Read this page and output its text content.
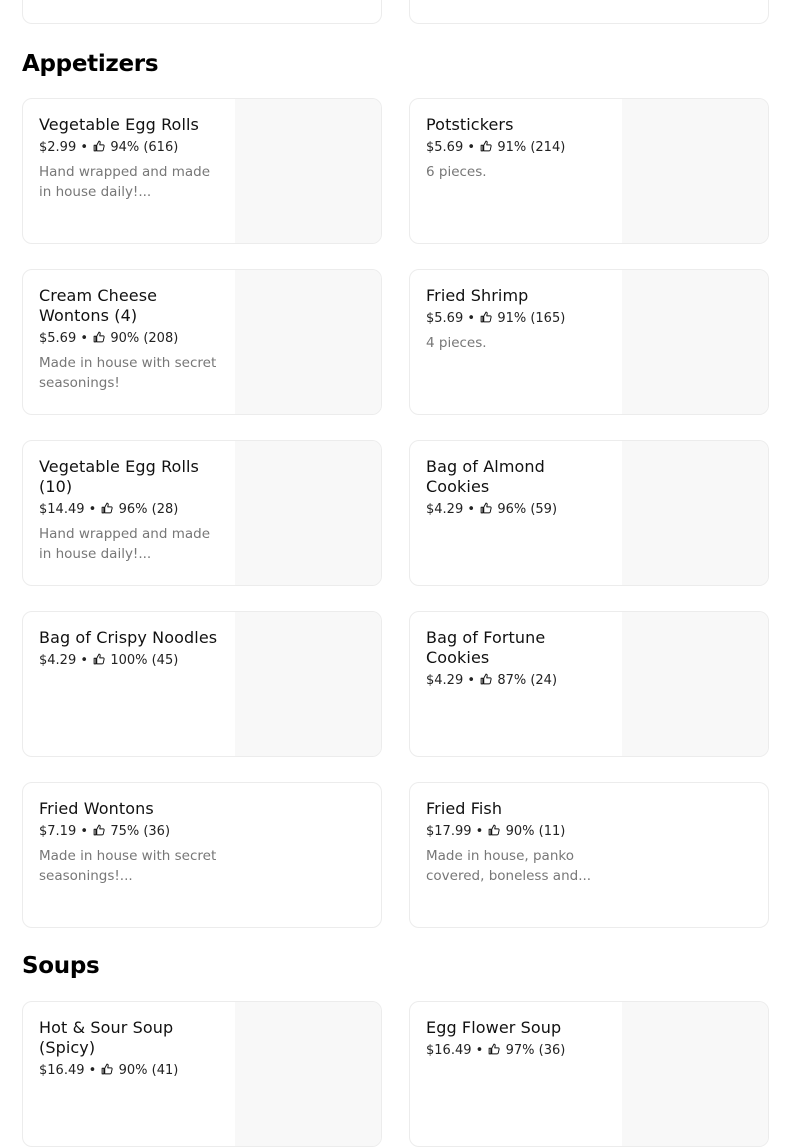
Appetizers
Vegetable Egg Rolls
$2.99 • 94% (616)
Hand wrapped and made in house daily!...
Potstickers
$5.69 • 91% (214)
6 pieces.
Cream Cheese Wontons (4)
$5.69 • 90% (208)
Made in house with secret seasonings!
Fried Shrimp
$5.69 • 91% (165)
4 pieces.
Vegetable Egg Rolls (10)
$14.49 • 96% (28)
Hand wrapped and made in house daily!...
Bag of Almond Cookies
$4.29 • 96% (59)
Bag of Crispy Noodles
$4.29 • 100% (45)
Bag of Fortune Cookies
$4.29 • 87% (24)
Fried Wontons
$7.19 • 75% (36)
Made in house with secret seasonings!...
Fried Fish
$17.99 • 90% (11)
Made in house, panko covered, boneless and...
Soups
Hot & Sour Soup (Spicy)
$16.49 • 90% (41)
Egg Flower Soup
$16.49 • 97% (36)
